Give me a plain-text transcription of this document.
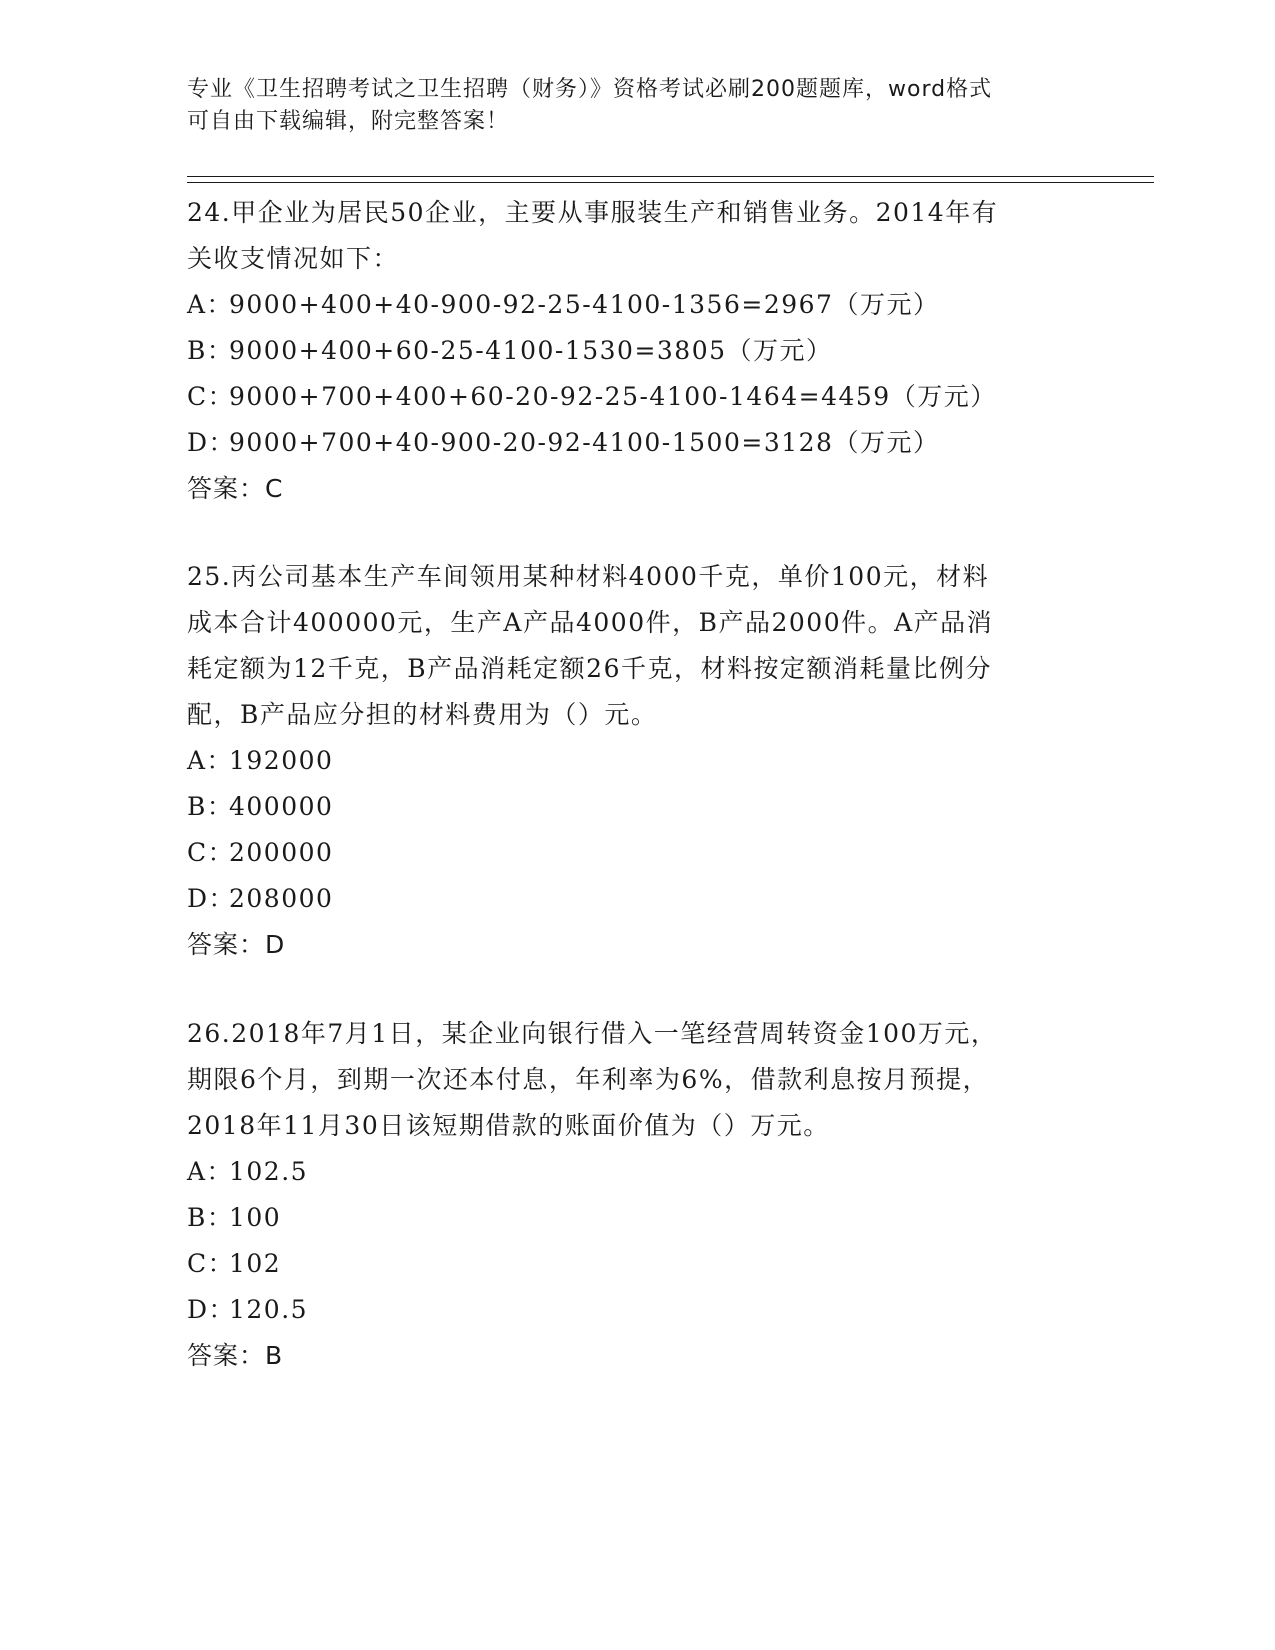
专业《卫生招聘考试之卫生招聘（财务）》资格考试必刷200题题库，word格式
可自由下载编辑，附完整答案！
24.甲企业为居民50企业，主要从事服装生产和销售业务。2014年有
关收支情况如下：
A：9000+400+40-900-92-25-4100-1356=2967（万元）
B：9000+400+60-25-4100-1530=3805（万元）
C：9000+700+400+60-20-92-25-4100-1464=4459（万元）
D：9000+700+40-900-20-92-4100-1500=3128（万元）
答案：C
25.丙公司基本生产车间领用某种材料4000千克，单价100元，材料
成本合计400000元，生产A产品4000件，B产品2000件。A产品消
耗定额为12千克，B产品消耗定额26千克，材料按定额消耗量比例分
配，B产品应分担的材料费用为（）元。
A：192000
B：400000
C：200000
D：208000
答案：D
26.2018年7月1日，某企业向银行借入一笔经营周转资金100万元，
期限6个月，到期一次还本付息，年利率为6%，借款利息按月预提，
2018年11月30日该短期借款的账面价值为（）万元。
A：102.5
B：100
C：102
D：120.5
答案：B
